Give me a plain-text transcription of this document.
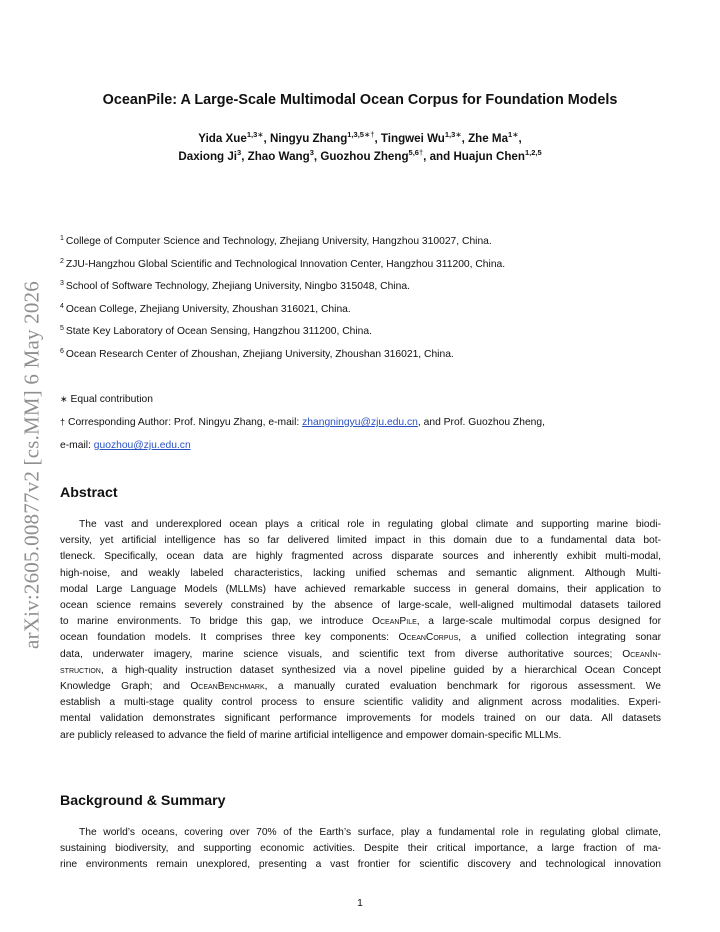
arXiv:2605.00877v2 [cs.MM] 6 May 2026
OceanPile: A Large-Scale Multimodal Ocean Corpus for Foundation Models
Yida Xue$^{1,3∗}$, Ningyu Zhang$^{1,3,5∗\dagger}$, Tingwei $Wu^{1,3∗}$, Zhe $Ma^{1∗}$,
Daxiong Ji$^3$, Zhao Wang$^3$, Guozhou Zheng$^{5,6\dagger}$, and Huajun Chen$^{1,2,5}$
$^1$ College of Computer Science and Technology, Zhejiang University, Hangzhou 310027, China.
$^2$ ZJU-Hangzhou Global Scientific and Technological Innovation Center, Hangzhou 311200, China.
$^3$ School of Software Technology, Zhejiang University, Ningbo 315048, China.
$^4$ Ocean College, Zhejiang University, Zhoushan 316021, China.
$^5$ State Key Laboratory of Ocean Sensing, Hangzhou 311200, China.
$^6$ Ocean Research Center of Zhoushan, Zhejiang University, Zhoushan 316021, China.
∗ Equal contribution
† Corresponding Author: Prof. Ningyu Zhang, e-mail: zhangningyu@zju.edu.cn, and Prof. Guozhou Zheng,
e-mail: guozhou@zju.edu.cn
Abstract
The vast and underexplored ocean plays a critical role in regulating global climate and supporting marine biodi-
versity, yet artificial intelligence has so far delivered limited impact in this domain due to a fundamental data bot-
tleneck. Specifically, ocean data are highly fragmented across disparate sources and inherently exhibit multi-modal,
high-noise, and weakly labeled characteristics, lacking unified schemas and semantic alignment. Although Multi-
modal Large Language Models (MLLMs) have achieved remarkable success in general domains, their application to
ocean science remains severely constrained by the absence of large-scale, well-aligned multimodal datasets tailored
to marine environments. To bridge this gap, we introduce OceanPile, a large-scale multimodal corpus designed for
ocean foundation models. It comprises three key components: OceanCorpus, a unified collection integrating sonar
data, underwater imagery, marine science visuals, and scientific text from diverse authoritative sources; OceanIn-
struction, a high-quality instruction dataset synthesized via a novel pipeline guided by a hierarchical Ocean Concept
Knowledge Graph; and OceanBenchmark, a manually curated evaluation benchmark for rigorous assessment. We
establish a multi-stage quality control process to ensure scientific validity and alignment across modalities. Experi-
mental validation demonstrates significant performance improvements for models trained on our data. All datasets
are publicly released to advance the field of marine artificial intelligence and empower domain-specific MLLMs.
Background & Summary
The world’s oceans, covering over 70% of the Earth’s surface, play a fundamental role in regulating global climate,
sustaining biodiversity, and supporting economic activities. Despite their critical importance, a large fraction of ma-
rine environments remain unexplored, presenting a vast frontier for scientific discovery and technological innovation
1
